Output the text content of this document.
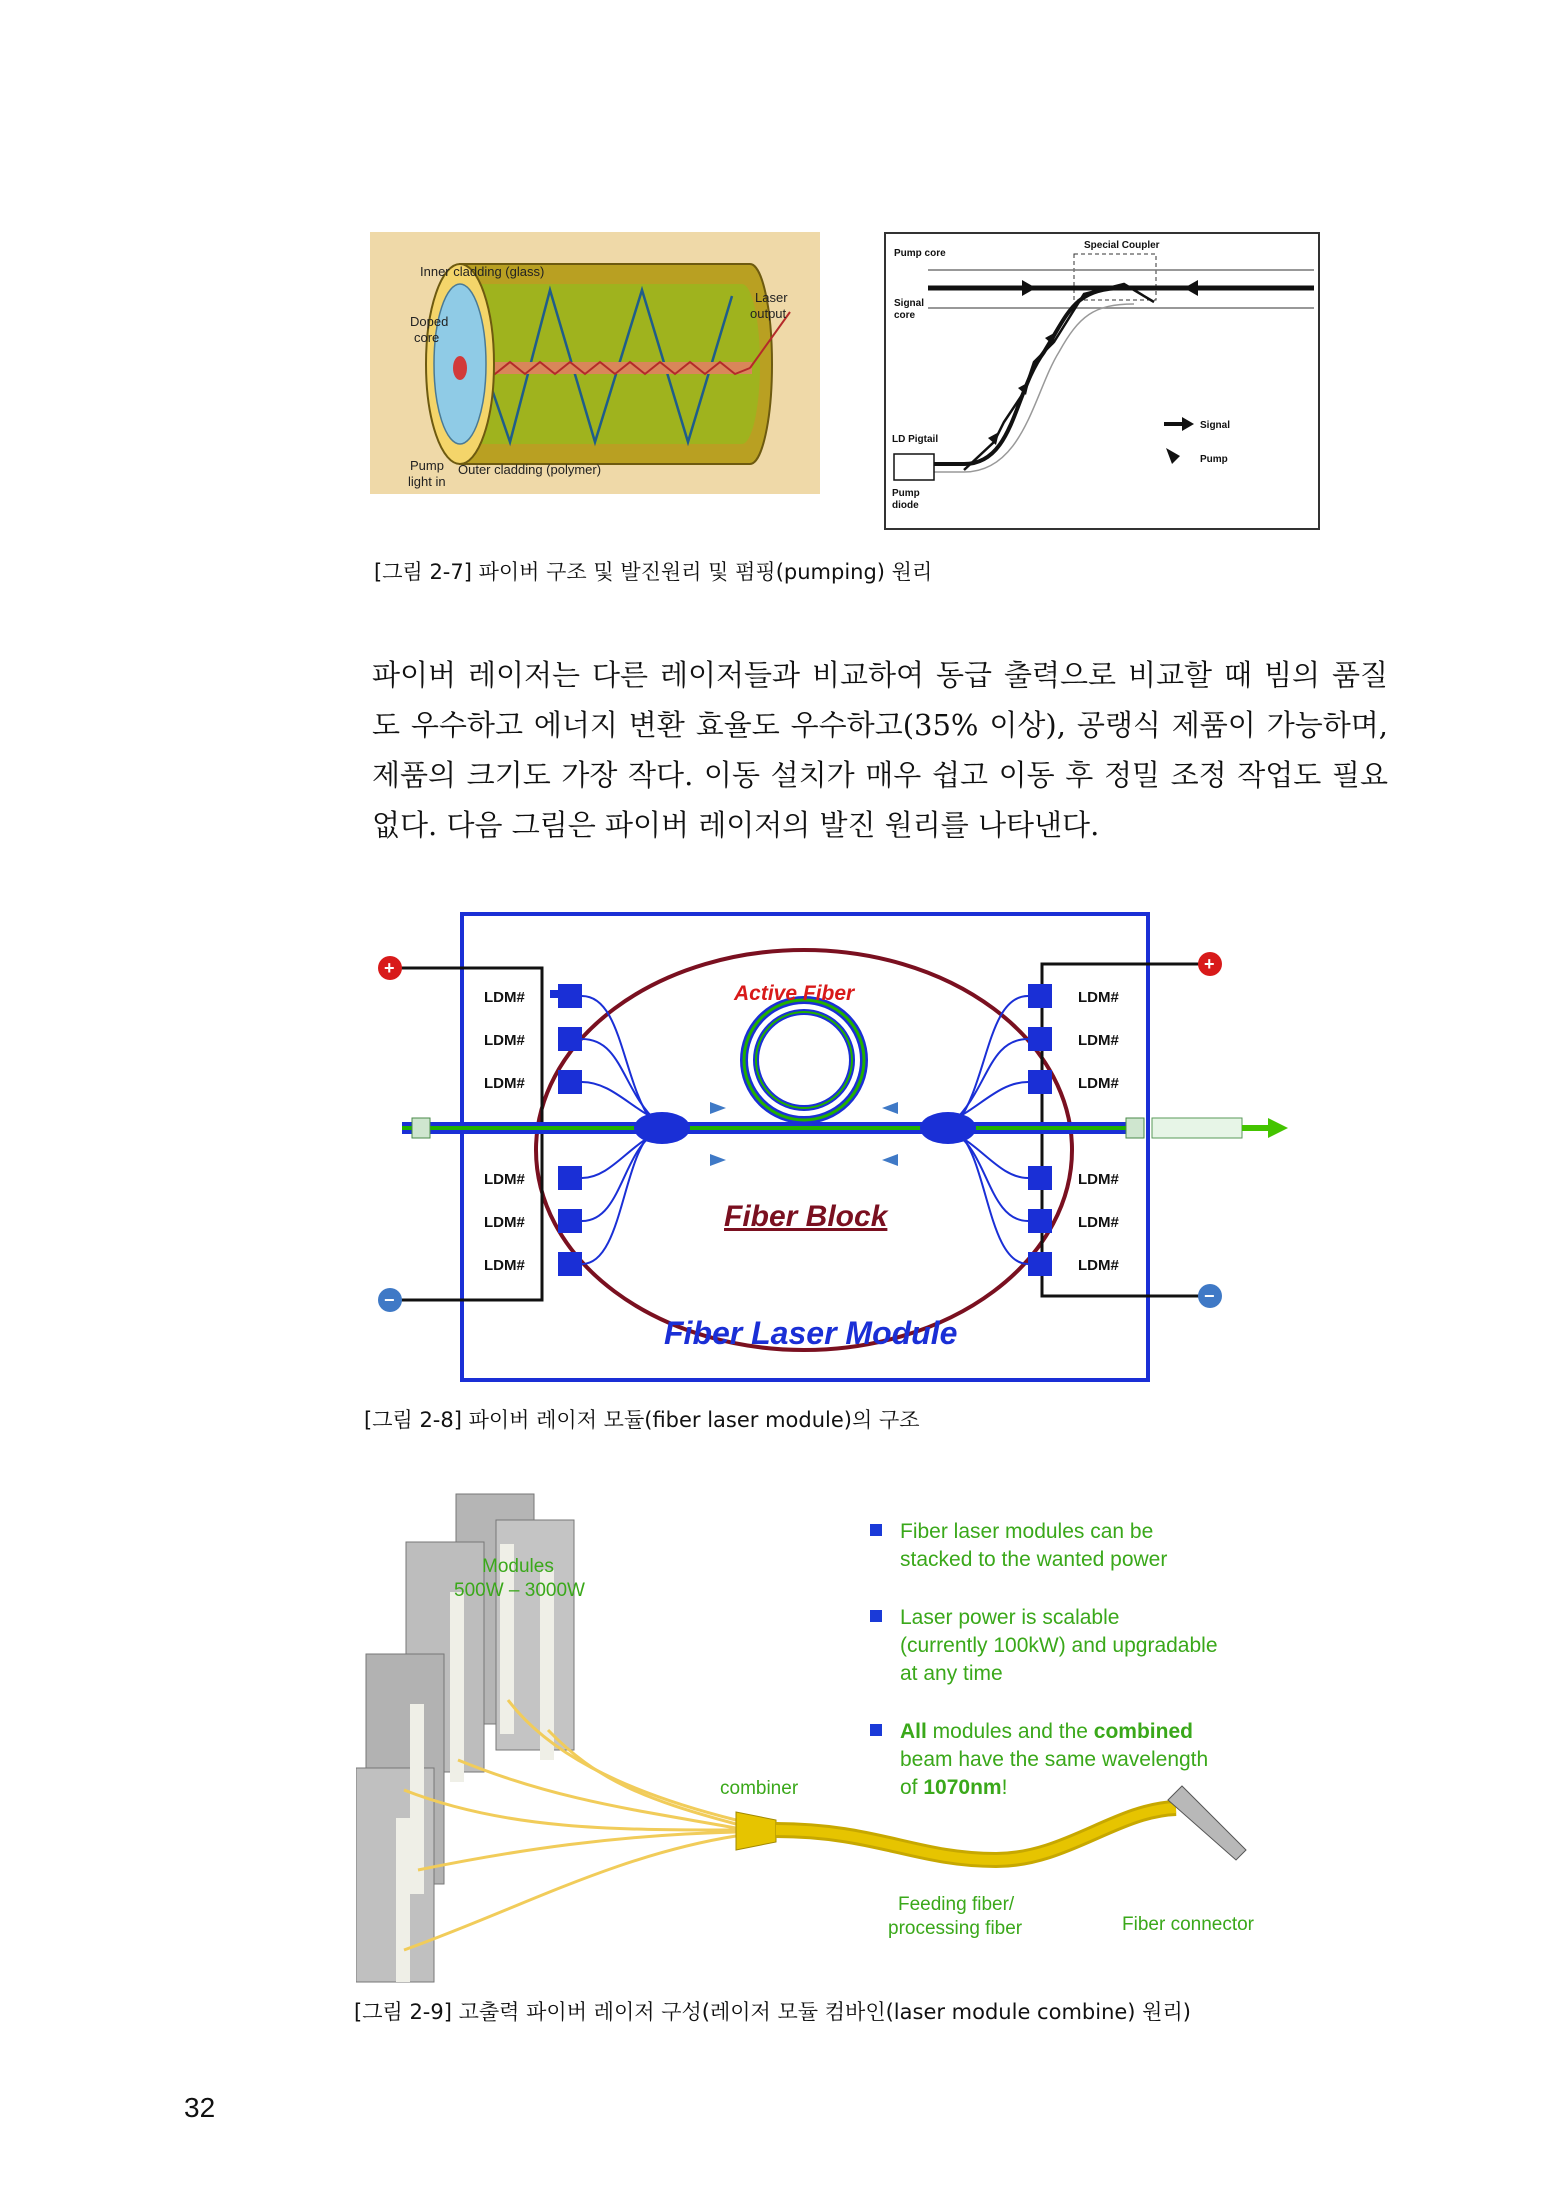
Inner cladding (glass)
Doped
core
Laser
output
Pump
light in
Outer cladding (polymer)
Pump core
Special Coupler
Signal
core
LD Pigtail
Pump
diode
Signal
Pump
[그림 2-7] 파이버 구조 및 발진원리 및 펌핑(pumping) 원리
파이버 레이저는 다른 레이저들과 비교하여 동급 출력으로 비교할 때 빔의 품질도 우수하고 에너지 변환 효율도 우수하고(35% 이상), 공랭식 제품이 가능하며, 제품의 크기도 가장 작다. 이동 설치가 매우 쉽고 이동 후 정밀 조정 작업도 필요 없다. 다음 그림은 파이버 레이저의 발진 원리를 나타낸다.
+	+
−	−
LDM#
LDM#
LDM#
LDM#
LDM#
LDM#
LDM#
LDM#
LDM#
LDM#
LDM#
LDM#
Active Fiber
Fiber Block
Fiber Laser Module
[그림 2-8] 파이버 레이저 모듈(fiber laser module)의 구조
Modules
500W – 3000W
combiner
Feeding fiber/
processing fiber	Fiber connector
Fiber laser modules can be
stacked to the wanted power
Laser power is scalable
(currently 100kW) and upgradable
at any time
All modules and the combined
beam have the same wavelength
of 1070nm!
[그림 2-9] 고출력 파이버 레이저 구성(레이저 모듈 컴바인(laser module combine) 원리)
32
